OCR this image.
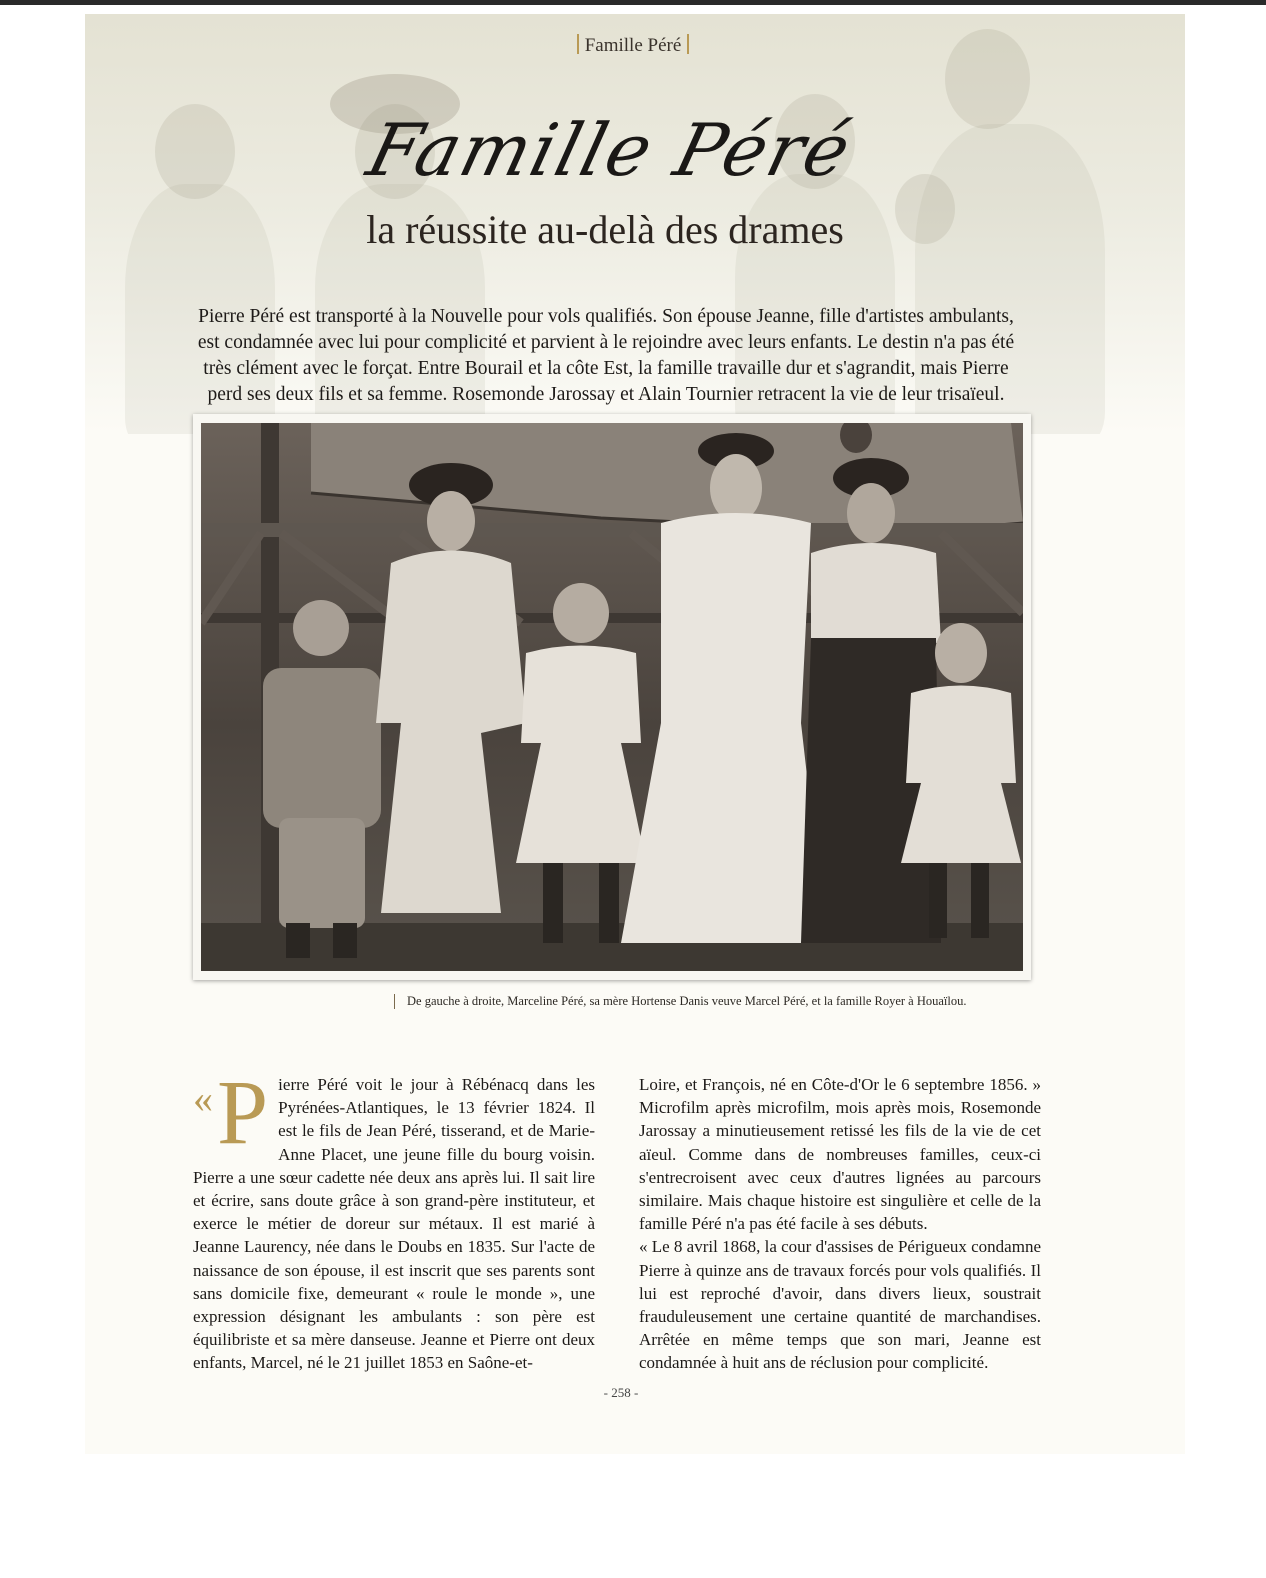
Famille Péré
Famille Péré
la réussite au-delà des drames

Pierre Péré est transporté à la Nouvelle pour vols qualifiés. Son épouse Jeanne, fille d'artistes ambulants, est condamnée avec lui pour complicité et parvient à le rejoindre avec leurs enfants. Le destin n'a pas été très clément avec le forçat. Entre Bourail et la côte Est, la famille travaille dur et s'agrandit, mais Pierre perd ses deux fils et sa femme. Rosemonde Jarossay et Alain Tournier retracent la vie de leur trisaïeul.

De gauche à droite, Marceline Péré, sa mère Hortense Danis veuve Marcel Péré, et la famille Royer à Houaïlou.
« P ierre Péré voit le jour à Rébénacq dans les Pyrénées-Atlantiques, le 13 février 1824. Il est le fils de Jean Péré, tisserand, et de Marie-Anne Placet, une jeune fille du bourg voisin. Pierre a une sœur cadette née deux ans après lui. Il sait lire et écrire, sans doute grâce à son grand-père instituteur, et exerce le métier de doreur sur métaux. Il est marié à Jeanne Laurency, née dans le Doubs en 1835. Sur l'acte de naissance de son épouse, il est inscrit que ses parents sont sans domicile fixe, demeurant « roule le monde », une expression désignant les ambulants : son père est équilibriste et sa mère danseuse. Jeanne et Pierre ont deux enfants, Marcel, né le 21 juillet 1853 en Saône-et-

Loire, et François, né en Côte-d'Or le 6 septembre 1856. » Microfilm après microfilm, mois après mois, Rosemonde Jarossay a minutieusement retissé les fils de la vie de cet aïeul. Comme dans de nombreuses familles, ceux-ci s'entrecroisent avec ceux d'autres lignées au parcours similaire. Mais chaque histoire est singulière et celle de la famille Péré n'a pas été facile à ses débuts.

« Le 8 avril 1868, la cour d'assises de Périgueux condamne Pierre à quinze ans de travaux forcés pour vols qualifiés. Il lui est reproché d'avoir, dans divers lieux, soustrait frauduleusement une certaine quantité de marchandises. Arrêtée en même temps que son mari, Jeanne est condamnée à huit ans de réclusion pour complicité.

- 258 -
